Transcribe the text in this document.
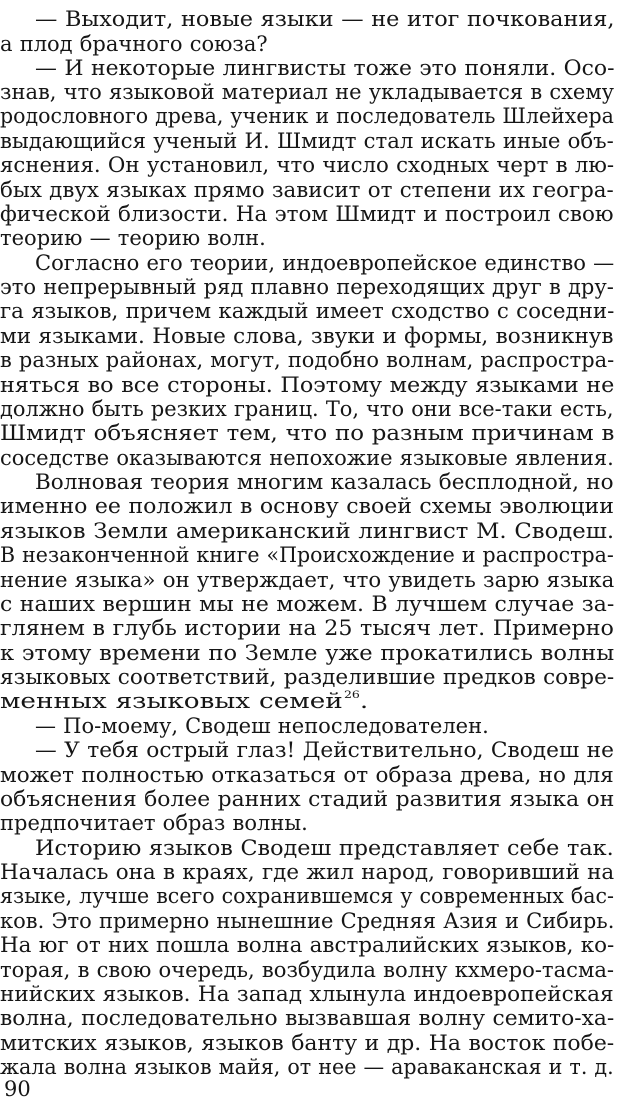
— Выходит, новые языки — не итог почкования,
а плод брачного союза?
— И некоторые лингвисты тоже это поняли. Осо-
знав, что языковой материал не укладывается в схему
родословного древа, ученик и последователь Шлейхера
выдающийся ученый И. Шмидт стал искать иные объ-
яснения. Он установил, что число сходных черт в лю-
бых двух языках прямо зависит от степени их геогра-
фической близости. На этом Шмидт и построил свою
теорию — теорию волн.
Согласно его теории, индоевропейское единство —
это непрерывный ряд плавно переходящих друг в дру-
га языков, причем каждый имеет сходство с соседни-
ми языками. Новые слова, звуки и формы, возникнув
в разных районах, могут, подобно волнам, распростра-
няться во все стороны. Поэтому между языками не
должно быть резких границ. То, что они все-таки есть,
Шмидт объясняет тем, что по разным причинам в
соседстве оказываются непохожие языковые явления.
Волновая теория многим казалась бесплодной, но
именно ее положил в основу своей схемы эволюции
языков Земли американский лингвист М. Сводеш.
В незаконченной книге «Происхождение и распростра-
нение языка» он утверждает, что увидеть зарю языка
с наших вершин мы не можем. В лучшем случае за-
глянем в глубь истории на 25 тысяч лет. Примерно
к этому времени по Земле уже прокатились волны
языковых соответствий, разделившие предков совре-
менных языковых семей$^{26}$.
— По-моему, Сводеш непоследователен.
— У тебя острый глаз! Действительно, Сводеш не
может полностью отказаться от образа древа, но для
объяснения более ранних стадий развития языка он
предпочитает образ волны.
Историю языков Сводеш представляет себе так.
Началась она в краях, где жил народ, говоривший на
языке, лучше всего сохранившемся у современных бас-
ков. Это примерно нынешние Средняя Азия и Сибирь.
На юг от них пошла волна австралийских языков, ко-
торая, в свою очередь, возбудила волну кхмеро-тасма-
нийских языков. На запад хлынула индоевропейская
волна, последовательно вызвавшая волну семито-ха-
митских языков, языков банту и др. На восток побе-
жала волна языков майя, от нее — араваканская и т. д.
90
